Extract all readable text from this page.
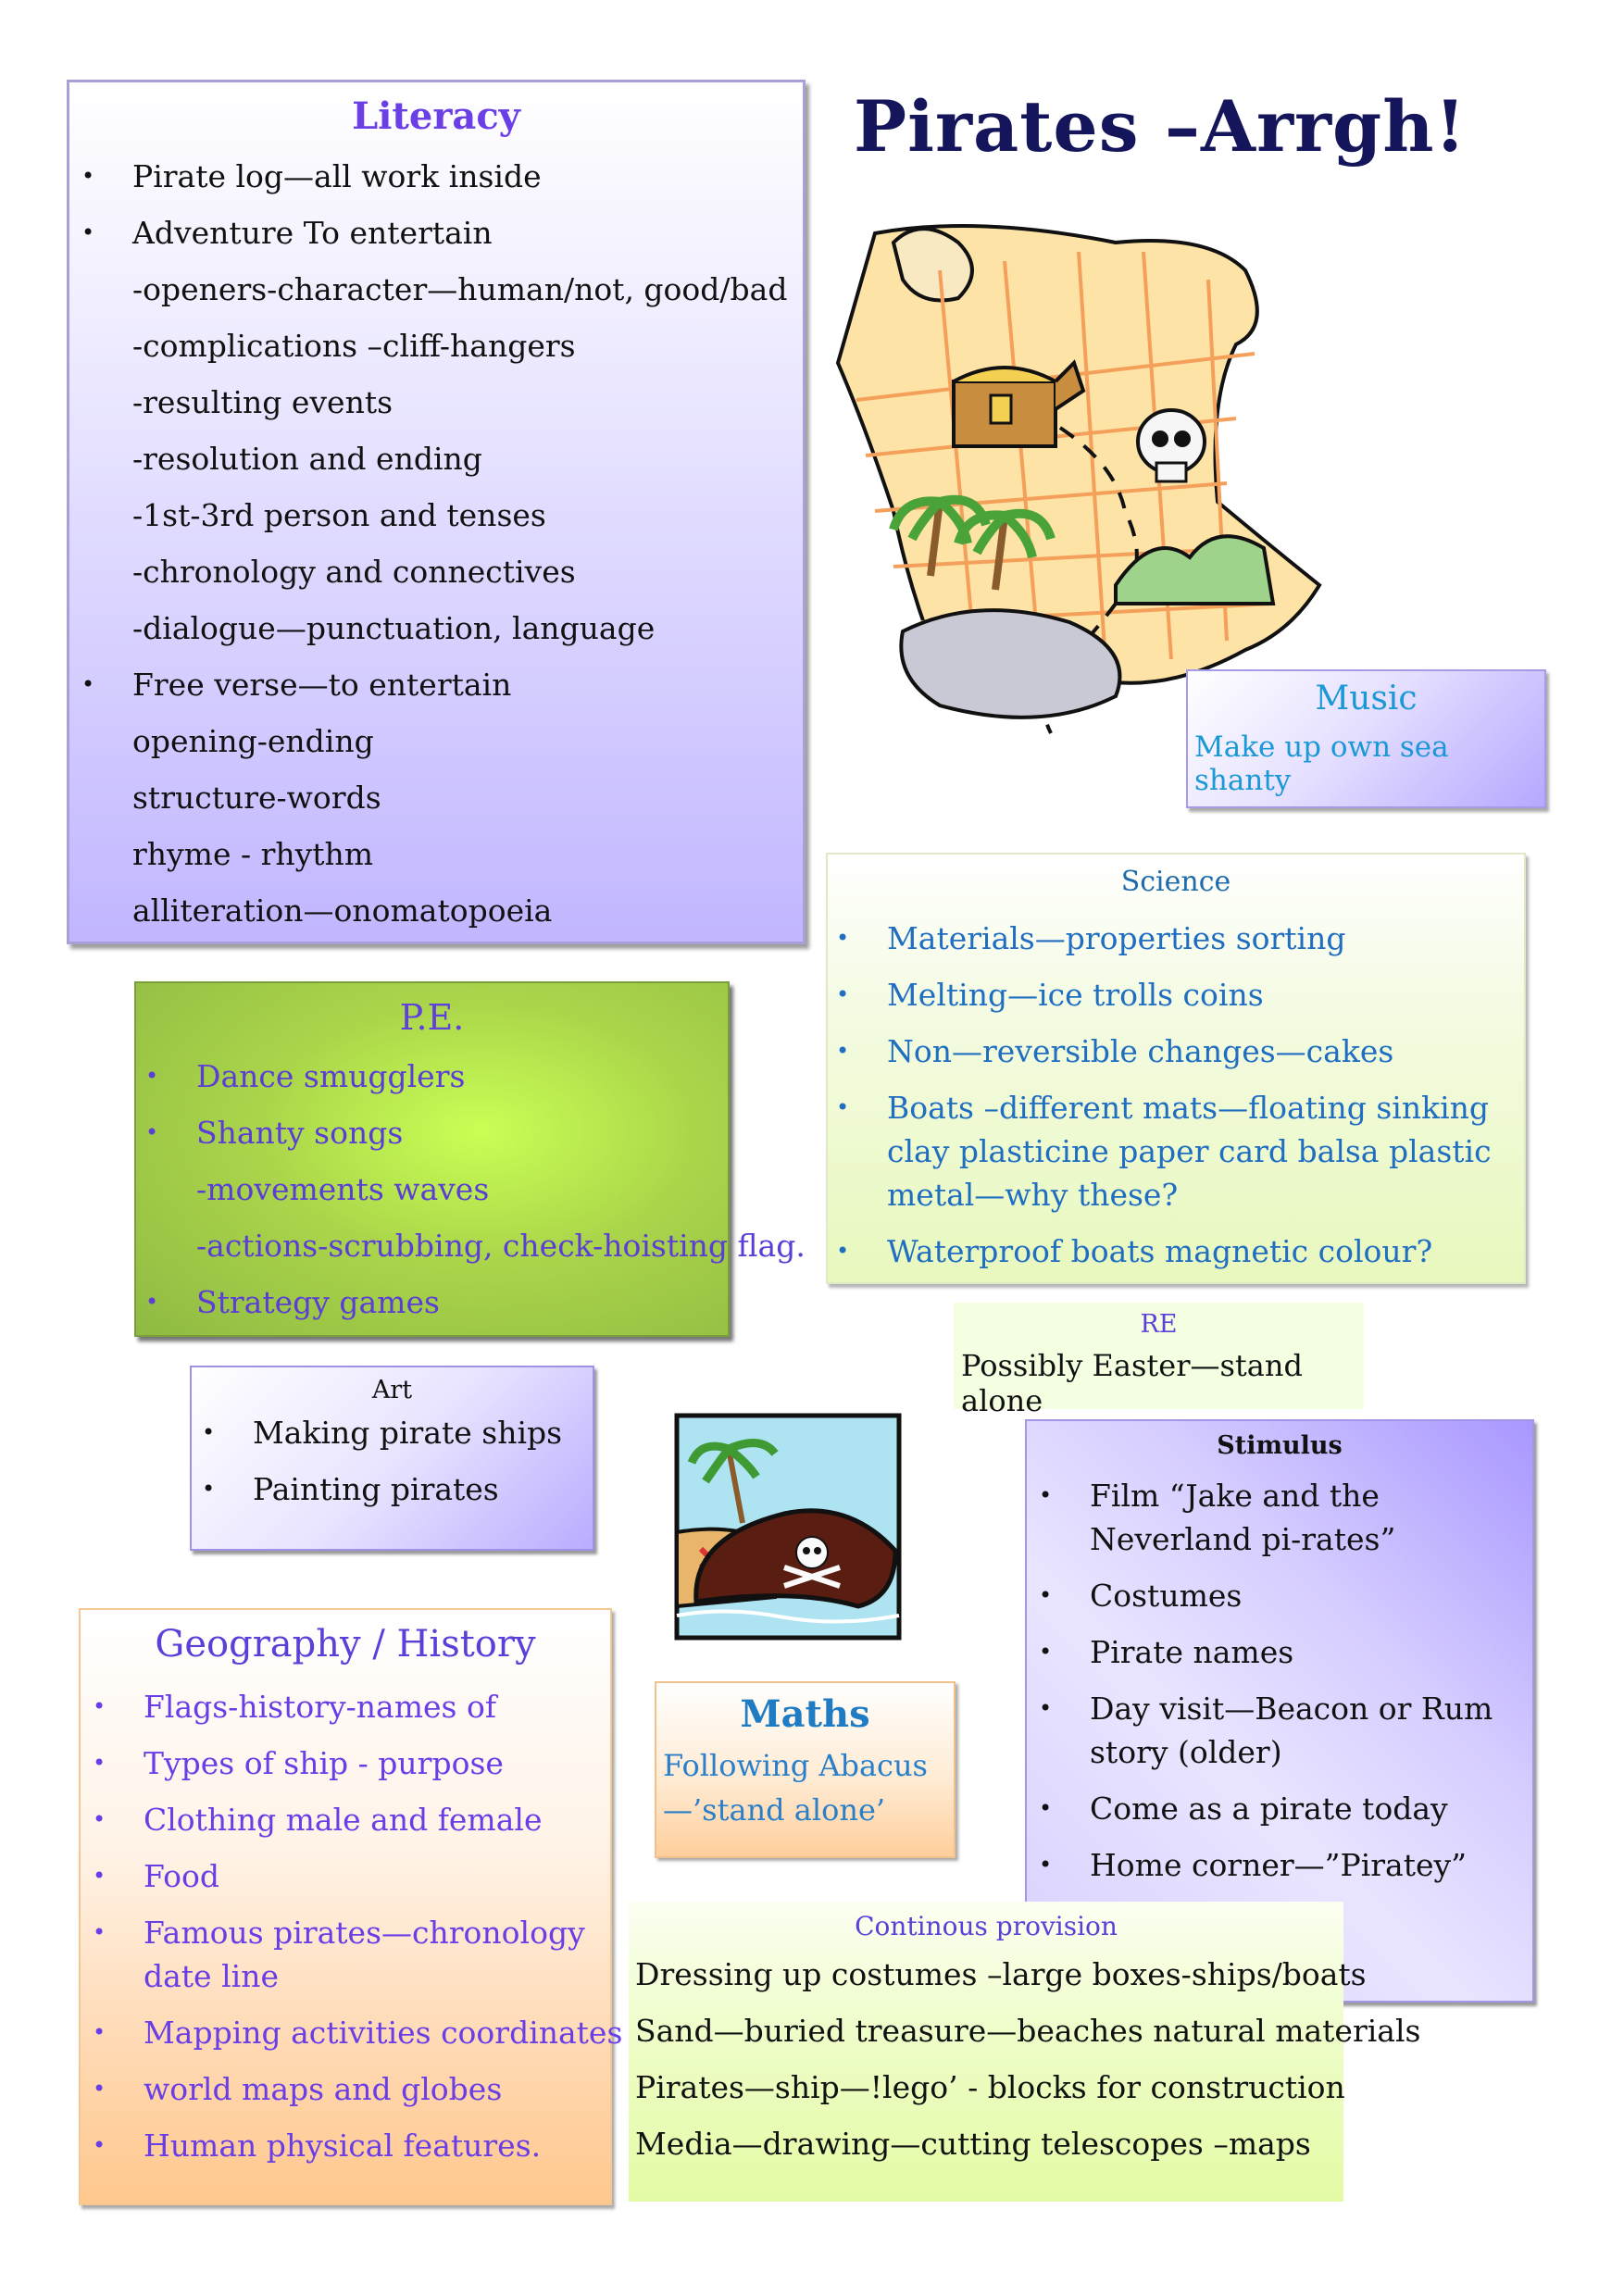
Pirates –Arrgh!
Literacy
• Pirate log—all work inside
• Adventure To entertain
-openers-character—human/not, good/bad
-complications –cliff-hangers
-resulting events
-resolution and ending
-1st-3rd person and tenses
-chronology and connectives
-dialogue—punctuation, language
• Free verse—to entertain
opening-ending
structure-words
rhyme - rhythm
alliteration—onomatopoeia
Music
Make up own sea shanty
Science
• Materials—properties sorting
• Melting—ice trolls coins
• Non—reversible changes—cakes
• Boats –different mats—floating sinking clay plasticine paper card balsa plastic metal—why these?
• Waterproof boats magnetic colour?
P.E.
• Dance smugglers
• Shanty songs
-movements waves
-actions-scrubbing, check-hoisting flag.
• Strategy games
RE
Possibly Easter—stand alone
Art
• Making pirate ships
• Painting pirates
Stimulus
• Film “Jake and the Neverland pi-rates”
• Costumes
• Pirate names
• Day visit—Beacon or Rum story (older)
• Come as a pirate today
• Home corner—”Piratey”
Geography / History
• Flags-history-names of
• Types of ship - purpose
• Clothing male and female
• Food
• Famous pirates—chronology date line
• Mapping activities coordinates
• world maps and globes
• Human physical features.
Maths
Following Abacus—’stand alone’
Continous provision
Dressing up costumes –large boxes-ships/boats
Sand—buried treasure—beaches natural materials
Pirates—ship—!lego’ - blocks for construction
Media—drawing—cutting telescopes –maps
